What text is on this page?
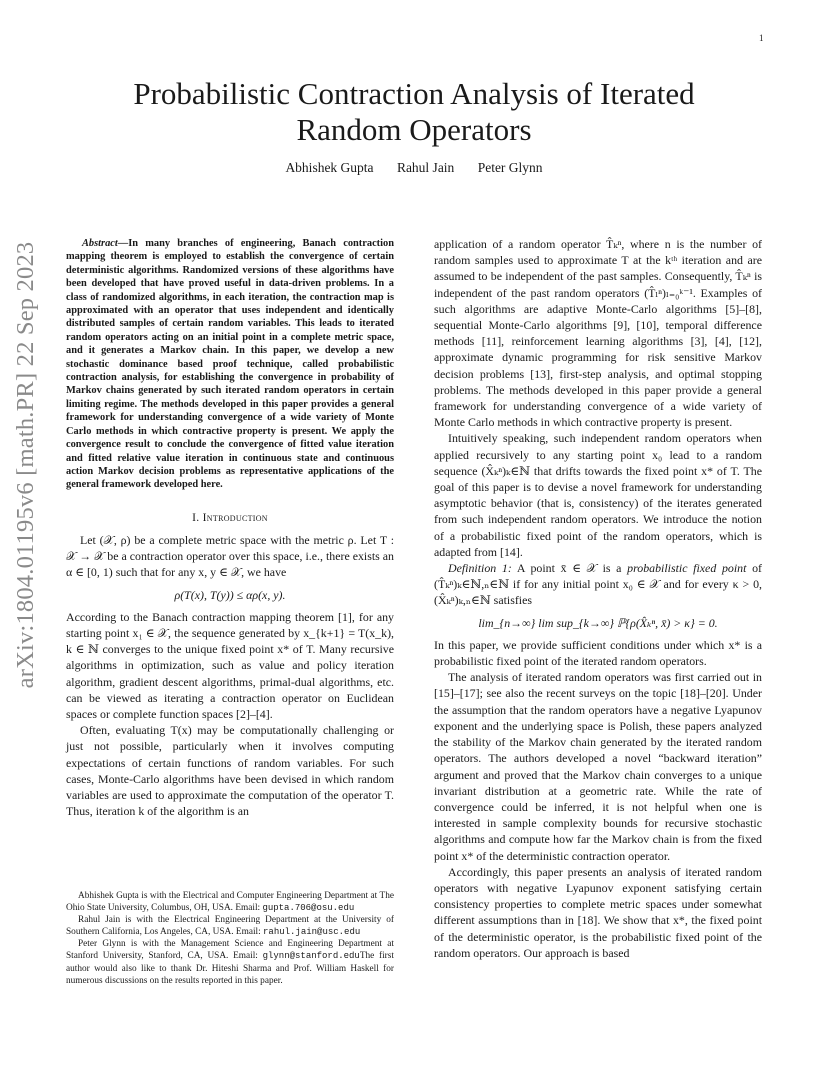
1
arXiv:1804.01195v6 [math.PR] 22 Sep 2023
Probabilistic Contraction Analysis of Iterated
Random Operators
Abhishek Gupta Rahul Jain Peter Glynn

Abstract—In many branches of engineering, Banach contraction mapping theorem is employed to establish the convergence of certain deterministic algorithms. Randomized versions of these algorithms have been developed that have proved useful in data-driven problems. In a class of randomized algorithms, in each iteration, the contraction map is approximated with an operator that uses independent and identically distributed samples of certain random variables. This leads to iterated random operators acting on an initial point in a complete metric space, and it generates a Markov chain. In this paper, we develop a new stochastic dominance based proof technique, called probabilistic contraction analysis, for establishing the convergence in probability of Markov chains generated by such iterated random operators in certain limiting regime. The methods developed in this paper provides a general framework for understanding convergence of a wide variety of Monte Carlo methods in which contractive property is present. We apply the convergence result to conclude the convergence of fitted value iteration and fitted relative value iteration in continuous state and continuous action Markov decision problems as representative applications of the general framework developed here.

I. Introduction

Let (𝒳, ρ) be a complete metric space with the metric ρ. Let T : 𝒳 → 𝒳 be a contraction operator over this space, i.e., there exists an α ∈ [0, 1) such that for any x, y ∈ 𝒳, we have

ρ(T(x), T(y)) ≤ αρ(x, y).

According to the Banach contraction mapping theorem [1], for any starting point x₁ ∈ 𝒳, the sequence generated by x_{k+1} = T(x_k), k ∈ ℕ converges to the unique fixed point x* of T. Many recursive algorithms in optimization, such as value and policy iteration algorithm, gradient descent algorithms, primal-dual algorithms, etc. can be viewed as iterating a contraction operator on Euclidean spaces or complete function spaces [2]–[4].

Often, evaluating T(x) may be computationally challenging or just not possible, particularly when it involves computing expectations of certain functions of random variables. For such cases, Monte-Carlo algorithms have been devised in which random variables are used to approximate the computation of the operator T. Thus, iteration k of the algorithm is an

Abhishek Gupta is with the Electrical and Computer Engineering Department at The Ohio State University, Columbus, OH, USA. Email: gupta.706@osu.edu

Rahul Jain is with the Electrical Engineering Department at the University of Southern California, Los Angeles, CA, USA. Email: rahul.jain@usc.edu

Peter Glynn is with the Management Science and Engineering Department at Stanford University, Stanford, CA, USA. Email: glynn@stanford.eduThe first author would also like to thank Dr. Hiteshi Sharma and Prof. William Haskell for numerous discussions on the results reported in this paper.

application of a random operator T̂ₖⁿ, where n is the number of random samples used to approximate T at the kᵗʰ iteration and are assumed to be independent of the past samples. Consequently, T̂ₖⁿ is independent of the past random operators (T̂ₗⁿ)ₗ₌₀ᵏ⁻¹. Examples of such algorithms are adaptive Monte-Carlo algorithms [5]–[8], sequential Monte-Carlo algorithms [9], [10], temporal difference methods [11], reinforcement learning algorithms [3], [4], [12], approximate dynamic programming for risk sensitive Markov decision problems [13], first-step analysis, and optimal stopping problems. The methods developed in this paper provide a general framework for understanding convergence of a wide variety of Monte Carlo methods in which contractive property is present.

Intuitively speaking, such independent random operators when applied recursively to any starting point x₀ lead to a random sequence (X̂ₖⁿ)ₖ∈ℕ that drifts towards the fixed point x* of T. The goal of this paper is to devise a novel framework for understanding asymptotic behavior (that is, consistency) of the iterates generated from such independent random operators. We introduce the notion of a probabilistic fixed point of the random operators, which is adapted from [14].

Definition 1: A point x̄ ∈ 𝒳 is a probabilistic fixed point of (T̂ₖⁿ)ₖ∈ℕ,ₙ∈ℕ if for any initial point x₀ ∈ 𝒳 and for every κ > 0, (X̂ₖⁿ)ₖ,ₙ∈ℕ satisfies

lim_{n→∞} lim sup_{k→∞} ℙ{ρ(X̂ₖⁿ, x̄) > κ} = 0.

In this paper, we provide sufficient conditions under which x* is a probabilistic fixed point of the iterated random operators.

The analysis of iterated random operators was first carried out in [15]–[17]; see also the recent surveys on the topic [18]–[20]. Under the assumption that the random operators have a negative Lyapunov exponent and the underlying space is Polish, these papers analyzed the stability of the Markov chain generated by the iterated random operators. The authors developed a novel “backward iteration” argument and proved that the Markov chain converges to a unique invariant distribution at a geometric rate. While the rate of convergence could be inferred, it is not helpful when one is interested in sample complexity bounds for recursive stochastic algorithms and compute how far the Markov chain is from the fixed point x* of the deterministic contraction operator.

Accordingly, this paper presents an analysis of iterated random operators with negative Lyapunov exponent satisfying certain consistency properties to complete metric spaces under somewhat different assumptions than in [18]. We show that x*, the fixed point of the deterministic operator, is the probabilistic fixed point of the random operators. Our approach is based
